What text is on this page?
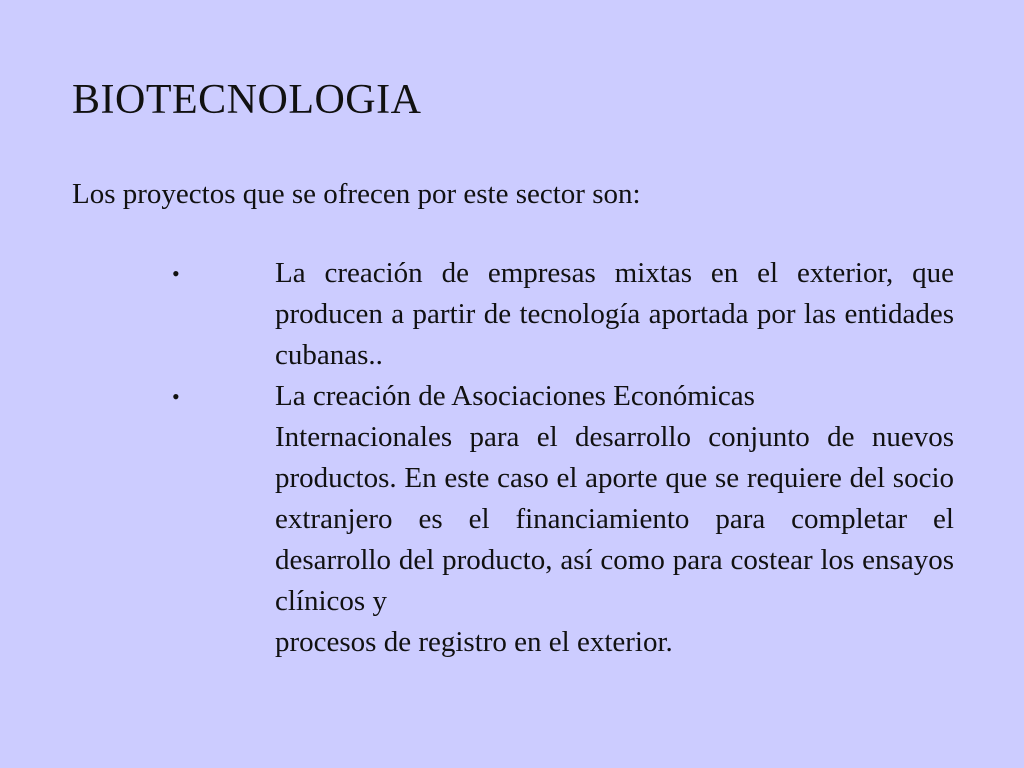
BIOTECNOLOGIA

Los proyectos que se ofrecen por este sector son:

•	La creación de empresas mixtas en el exterior, que producen a partir de tecnología aportada por las entidades cubanas..
•	La creación de Asociaciones Económicas
Internacionales para el desarrollo conjunto de nuevos productos. En este caso el aporte que se requiere del socio extranjero es el financiamiento para completar el desarrollo del producto, así como para costear los ensayos clínicos y
procesos de registro en el exterior.
